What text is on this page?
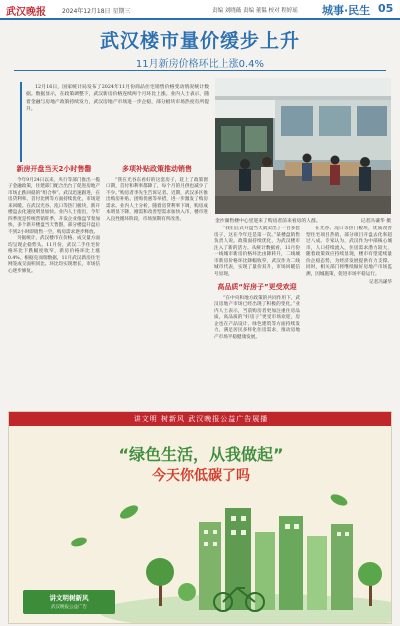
武汉晚报	2024年12月18日 星期三	责编 刘晓薇 责编 董韫 校对 程婷瑶 城事·民生 05
武汉楼市量价缓步上升
11月新房价格环比上涨0.4%
12月16日，国家统计局发布了2024年11月份商品住宅销售价格变动情况统计数据。数据显示，在政策调整下，武汉新房价格连续两个月环比上涨。业内人士表示，随着金融与房地产政策持续发力，武汉房地产市场进一步企稳，部分板块市场热度有所提升。
金沙湖售楼中心里迎来了购房者前来看房的人群。	记者冯谦华 摄
新房开盘当天2小时售罄

今年9月24日以来，央行等部门推出一揽子金融政策，住建部门配合出台了促进房地产市场止跌回稳的“组合拳”。武汉迅速跟进，在房贷利率、首付比例等方面持续优化，市场迎来回暖。在武汉光谷、沌口等热门板块，新开楼盘去化速度明显加快。业内人士指出，今年四季度是传统营销旺季，开发企业推盘节奏加快，多个新开楼盘当天售罄，部分楼盘开盘后不到2小时即销售一空，购房需求逐步释放。

另据统计，武汉楼市在价格、成交量方面均呈现企稳势头。11月份，武汉二手住宅价格环比下跌幅度收窄，新房价格环比上涨0.4%。根据克而瑞数据，11月武汉新房住宅网签成交面积同比、环比均实现增长，市场信心逐步修复。

多项补贴政策推动销售

“我在光谷东看好的这套房子，赶上了政策窗口期，首付和利率都降了，每个月的月供也减少了不少。”购房者李先生告诉记者。近期，武汉多区推出购房补贴、团购优惠等举措，进一步激发了购房需求。业内人士分析，随着房贷利率下调，购房成本明显下降，刚需和改善型需求加快入市，楼市进入良性循环阶段，市场预期有所改善。

“我们正式开盘当天就卖出了一百多套房子，这在今年还是第一次。”某楼盘销售负责人说。政策面持续优化，为武汉楼市注入了新的活力。从统计数据看，11月份一线城市新房价格环比由降转升，二线城市新房价格环比降幅收窄，武汉作为二线城市代表，实现了量价双升，市场回暖信号显现。

高品质“好房子”更受欢迎

“在中央和地方政策的共同作用下，武汉房地产市场已经出现了积极的变化。”业内人士表示，当前购房者更加注重住房品质，高品质的“好房子”更受市场欢迎，房企也在产品设计、绿色建筑等方面持续发力，满足居民多样化住房需求，推动房地产市场平稳健康发展。

在光谷、沌口等热门板块，优质改善型住宅项目热销，部分项目开盘去化率超过八成。专家认为，武汉作为中部核心城市，人口持续流入，住房需求潜力较大，随着政策效应持续显现，楼市有望延续量价企稳态势，为经济发展提供有力支撑。同时，相关部门将继续做好房地产市场监测，因城施策，促进市场平稳运行。

记者冯谦华

讲文明 树新风 武汉晚报公益广告展播
“绿色生活，从我做起”
今天你低碳了吗
讲文明树新风
武汉晚报公益广告
